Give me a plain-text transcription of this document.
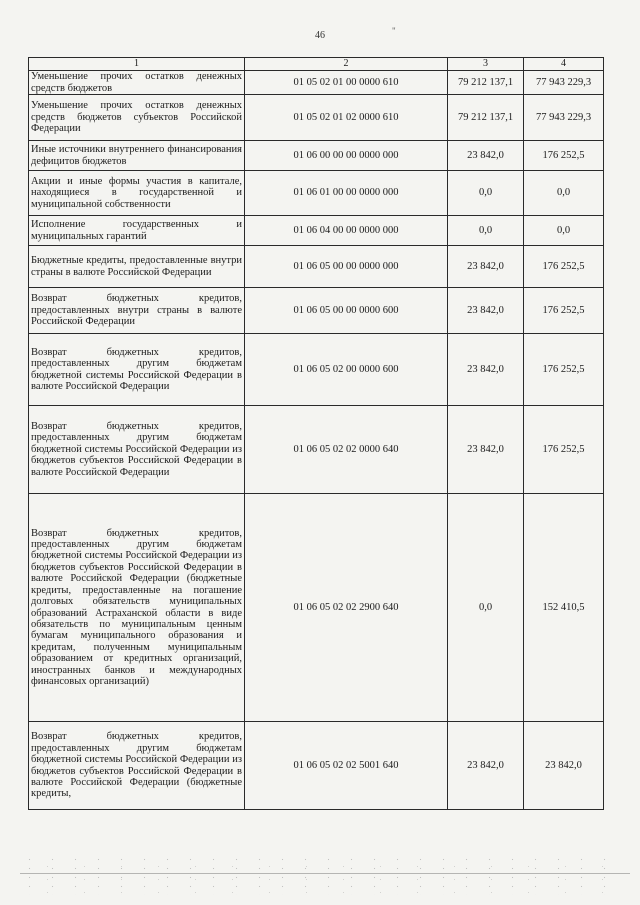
46	"
1	2	3	4
Уменьшение прочих остатков денежных средств бюджетов	01 05 02 01 00 0000 610	79 212 137,1	77 943 229,3
Уменьшение прочих остатков денежных средств бюджетов субъектов Российской Федерации	01 05 02 01 02 0000 610	79 212 137,1	77 943 229,3
Иные источники внутреннего финансирования дефицитов бюджетов	01 06 00 00 00 0000 000	23 842,0	176 252,5
Акции и иные формы участия в капитале, находящиеся в государственной и муниципальной собственности	01 06 01 00 00 0000 000	0,0	0,0
Исполнение государственных и муниципальных гарантий	01 06 04 00 00 0000 000	0,0	0,0
Бюджетные кредиты, предоставленные внутри страны в валюте Российской Федерации	01 06 05 00 00 0000 000	23 842,0	176 252,5
Возврат бюджетных кредитов, предоставленных внутри страны в валюте Российской Федерации	01 06 05 00 00 0000 600	23 842,0	176 252,5
Возврат бюджетных кредитов, предоставленных другим бюджетам бюджетной системы Российской Федерации в валюте Российской Федерации	01 06 05 02 00 0000 600	23 842,0	176 252,5
Возврат бюджетных кредитов, предоставленных другим бюджетам бюджетной системы Российской Федерации из бюджетов субъектов Российской Федерации в валюте Российской Федерации	01 06 05 02 02 0000 640	23 842,0	176 252,5
Возврат бюджетных кредитов, предоставленных другим бюджетам бюджетной системы Российской Федерации из бюджетов субъектов Российской Федерации в валюте Российской Федерации (бюджетные кредиты, предоставленные на погашение долговых обязательств муниципальных образований Астраханской области в виде обязательств по муниципальным ценным бумагам муниципального образования и кредитам, полученным муниципальным образованием от кредитных организаций, иностранных банков и международных финансовых организаций)	01 06 05 02 02 2900 640	0,0	152 410,5
Возврат бюджетных кредитов, предоставленных другим бюджетам бюджетной системы Российской Федерации из бюджетов субъектов Российской Федерации в валюте Российской Федерации (бюджетные кредиты,	01 06 05 02 02 5001 640	23 842,0	23 842,0
